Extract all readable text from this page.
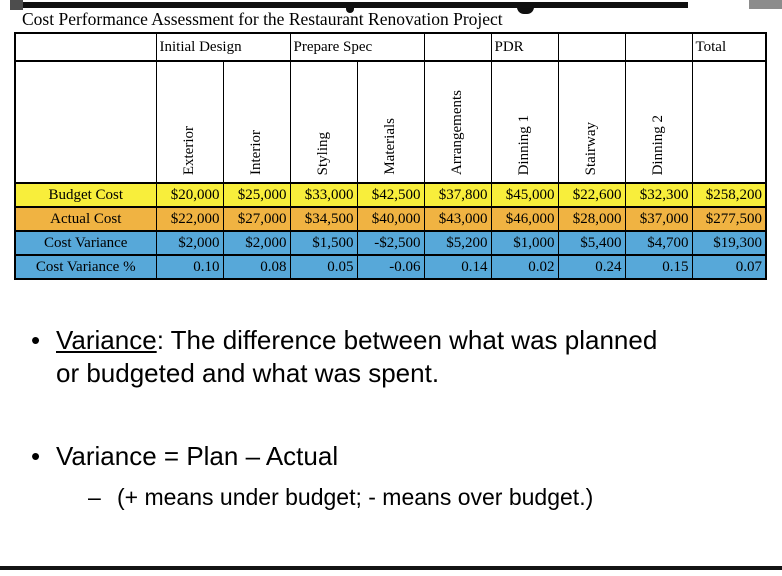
Cost Performance Assessment for the Restaurant Renovation Project
	Initial Design		Prepare Spec			PDR			Total
	Exterior	Interior	Styling	Materials	Arrangements	Dinning 1	Stairway	Dinning 2	
Budget Cost	$20,000	$25,000	$33,000	$42,500	$37,800	$45,000	$22,600	$32,300	$258,200
Actual Cost	$22,000	$27,000	$34,500	$40,000	$43,000	$46,000	$28,000	$37,000	$277,500
Cost Variance	$2,000	$2,000	$1,500	-$2,500	$5,200	$1,000	$5,400	$4,700	$19,300
Cost Variance %	0.10	0.08	0.05	-0.06	0.14	0.02	0.24	0.15	0.07
• Variance: The difference between what was planned or budgeted and what was spent.
• Variance = Plan – Actual
– (+ means under budget; - means over budget.)
